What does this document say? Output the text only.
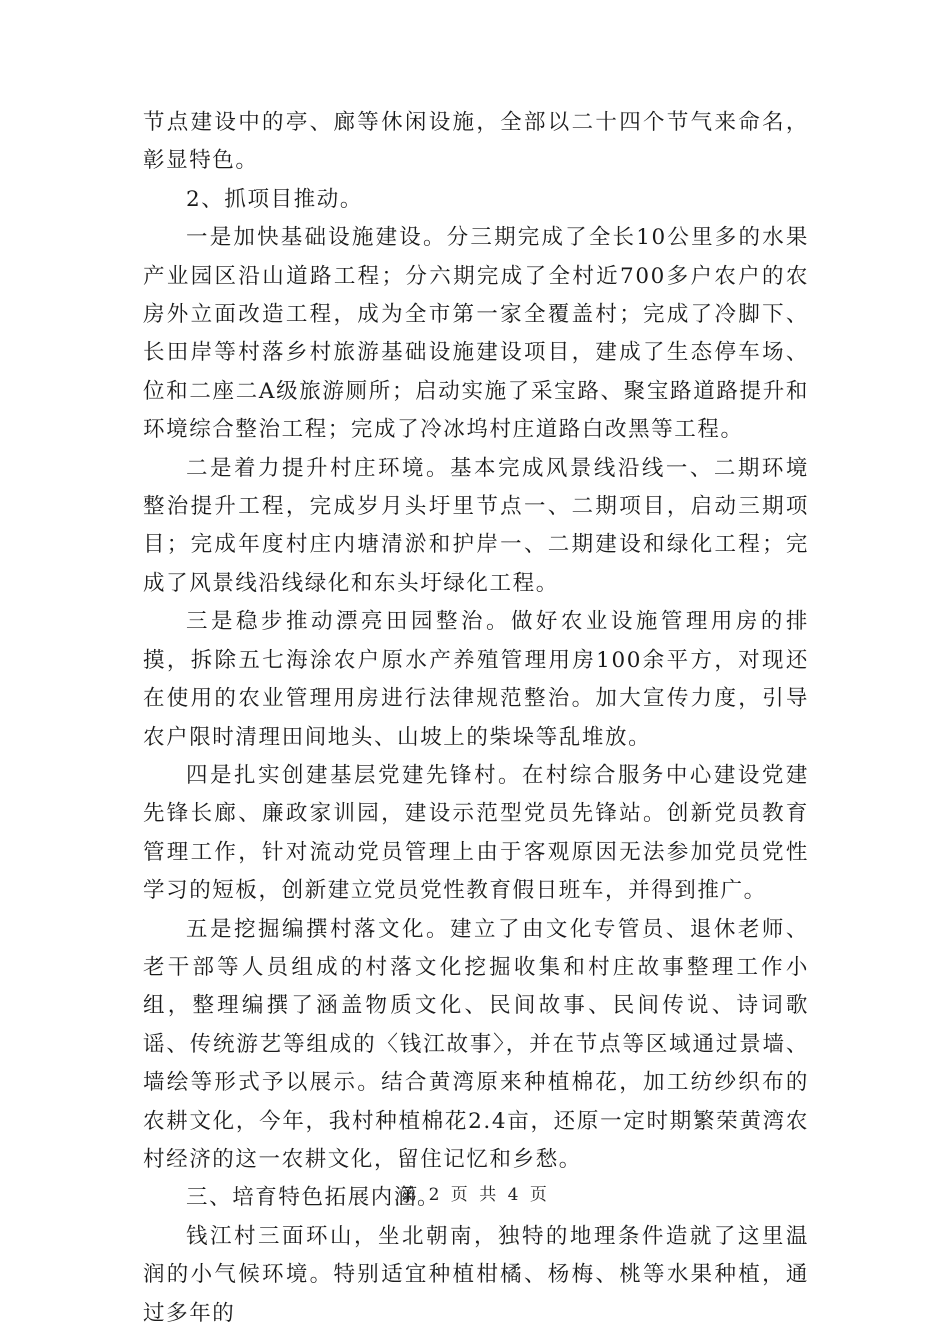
节点建设中的亭、廊等休闲设施，全部以二十四个节气来命名，彰显特色。

2、抓项目推动。

一是加快基础设施建设。分三期完成了全长10公里多的水果产业园区沿山道路工程；分六期完成了全村近700多户农户的农房外立面改造工程，成为全市第一家全覆盖村；完成了冷脚下、长田岸等村落乡村旅游基础设施建设项目，建成了生态停车场、位和二座二A级旅游厕所；启动实施了采宝路、聚宝路道路提升和环境综合整治工程；完成了冷冰坞村庄道路白改黑等工程。

二是着力提升村庄环境。基本完成风景线沿线一、二期环境整治提升工程，完成岁月头圩里节点一、二期项目，启动三期项目；完成年度村庄内塘清淤和护岸一、二期建设和绿化工程；完成了风景线沿线绿化和东头圩绿化工程。

三是稳步推动漂亮田园整治。做好农业设施管理用房的排摸，拆除五七海涂农户原水产养殖管理用房100余平方，对现还在使用的农业管理用房进行法律规范整治。加大宣传力度，引导农户限时清理田间地头、山坡上的柴垛等乱堆放。

四是扎实创建基层党建先锋村。在村综合服务中心建设党建先锋长廊、廉政家训园，建设示范型党员先锋站。创新党员教育管理工作，针对流动党员管理上由于客观原因无法参加党员党性学习的短板，创新建立党员党性教育假日班车，并得到推广。

五是挖掘编撰村落文化。建立了由文化专管员、退休老师、老干部等人员组成的村落文化挖掘收集和村庄故事整理工作小组，整理编撰了涵盖物质文化、民间故事、民间传说、诗词歌谣、传统游艺等组成的〈钱江故事〉，并在节点等区域通过景墙、墙绘等形式予以展示。结合黄湾原来种植棉花，加工纺纱织布的农耕文化，今年，我村种植棉花2.4亩，还原一定时期繁荣黄湾农村经济的这一农耕文化，留住记忆和乡愁。

三、培育特色拓展内涵。

钱江村三面环山，坐北朝南，独特的地理条件造就了这里温润的小气候环境。特别适宜种植柑橘、杨梅、桃等水果种植，通过多年的

第 2 页 共 4 页
